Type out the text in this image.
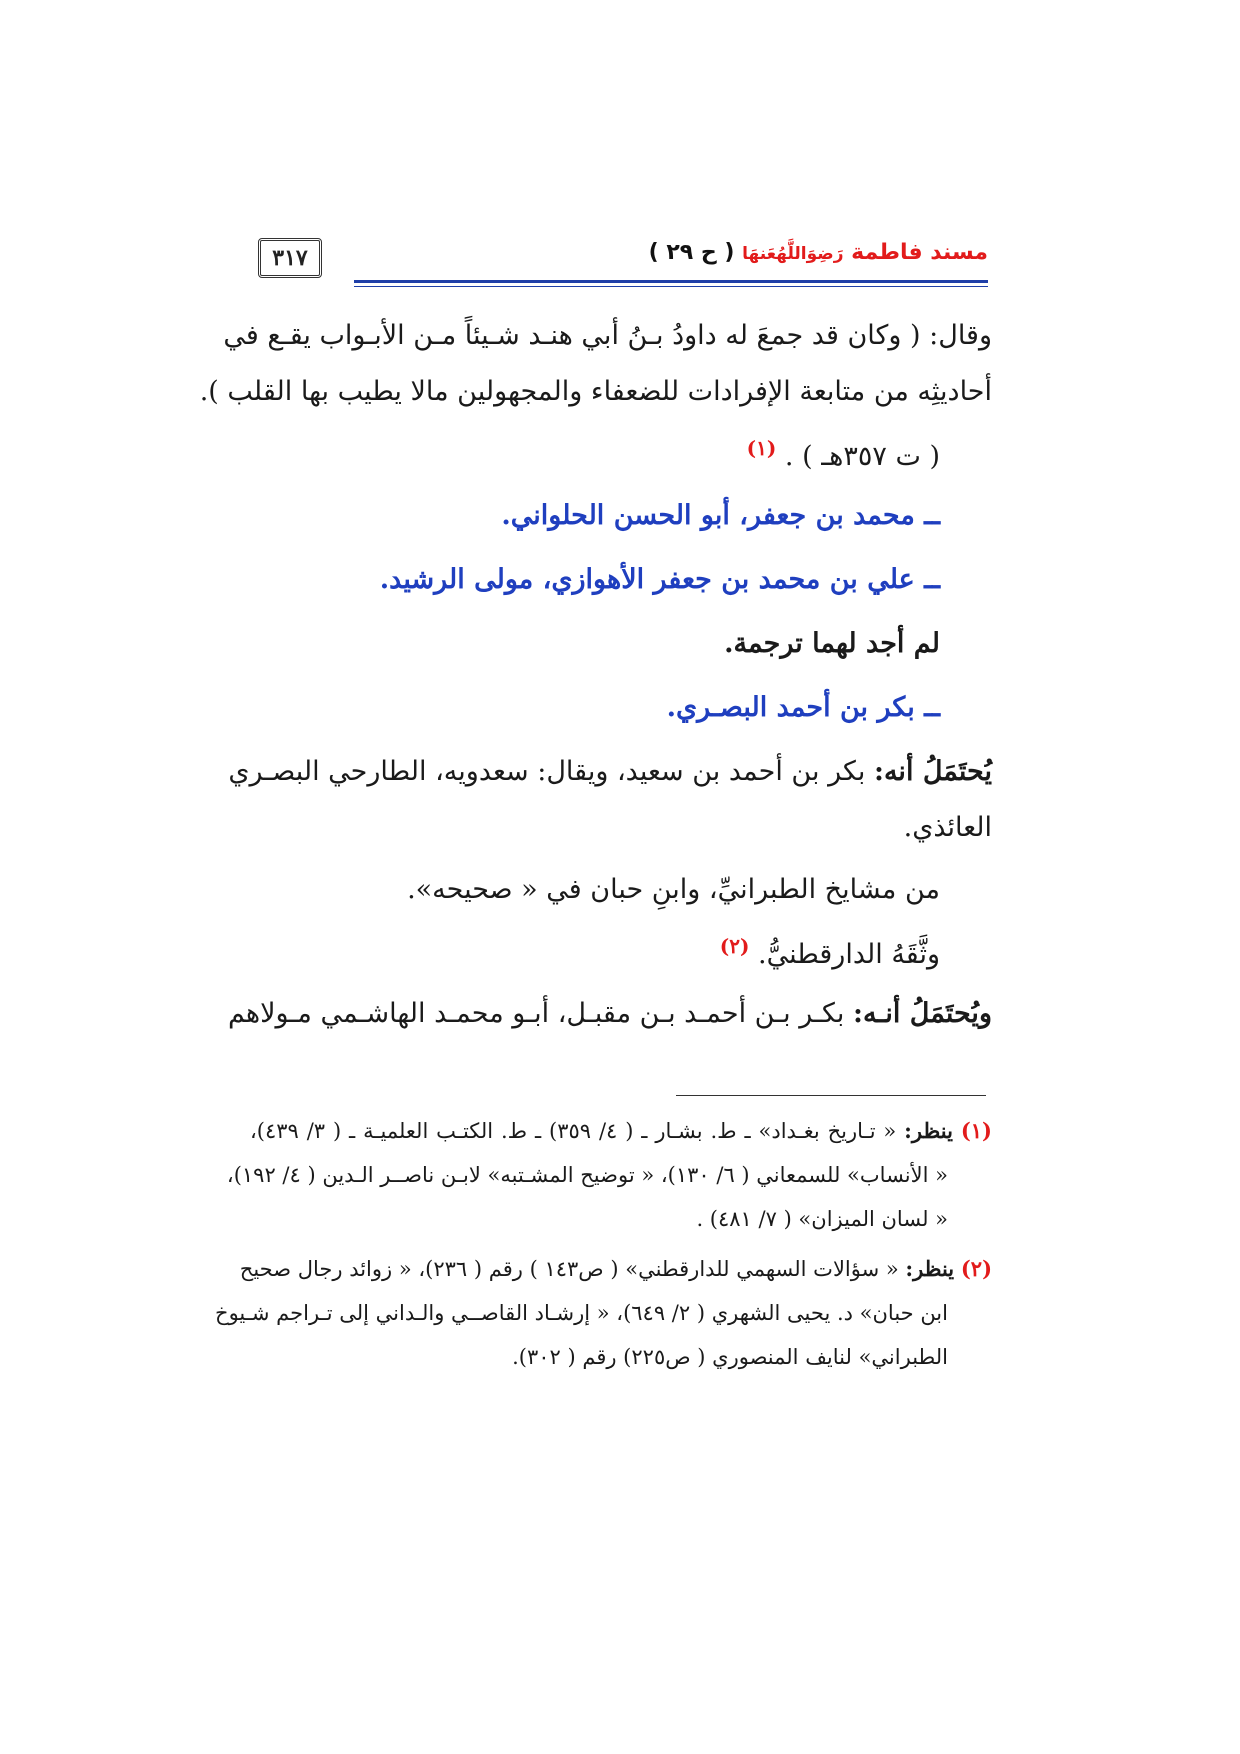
٣١٧	مسند فاطمة رَضِوَاللَّهُعَنهَا ( ح ٢٩ )
وقال: ( وكان قد جمعَ له داودُ بـنُ أبي هنـد شـيئاً مـن الأبـواب يقـع في
أحاديثِه من متابعة الإفرادات للضعفاء والمجهولين مالا يطيب بها القلب ).
( ت ٣٥٧هـ ) . $^{(١)}$
ــ محمد بن جعفر، أبو الحسن الحلواني.
ــ علي بن محمد بن جعفر الأهوازي، مولى الرشيد.
لم أجد لهما ترجمة.
ــ بكر بن أحمد البصـري.
يُحتَمَلُ أنه: بكر بن أحمد بن سعيد، ويقال: سعدويه، الطارحي البصـري
العائذي.
من مشايخ الطبرانيِّ، وابنِ حبان في « صحيحه».
وثَّقَهُ الدارقطنيُّ. $^{(٢)}$
ويُحتَمَلُ أنـه: بكـر بـن أحمـد بـن مقبـل، أبـو محمـد الهاشـمي مـولاهم
(١) ينظر: « تـاريخ بغـداد» ـ ط. بشـار ـ ( ٤/ ٣٥٩) ـ ط. الكتـب العلميـة ـ ( ٣/ ٤٣٩)،
« الأنساب» للسمعاني ( ٦/ ١٣٠)، « توضيح المشـتبه» لابـن ناصــر الـدين ( ٤/ ١٩٢)،
« لسان الميزان» ( ٧/ ٤٨١) .
(٢) ينظر: « سؤالات السهمي للدارقطني» ( ص١٤٣ ) رقم ( ٢٣٦)، « زوائد رجال صحيح
ابن حبان» د. يحيى الشهري ( ٢/ ٦٤٩)، « إرشـاد القاصــي والـداني إلى تـراجم شـيوخ
الطبراني» لنايف المنصوري ( ص٢٢٥) رقم ( ٣٠٢).
